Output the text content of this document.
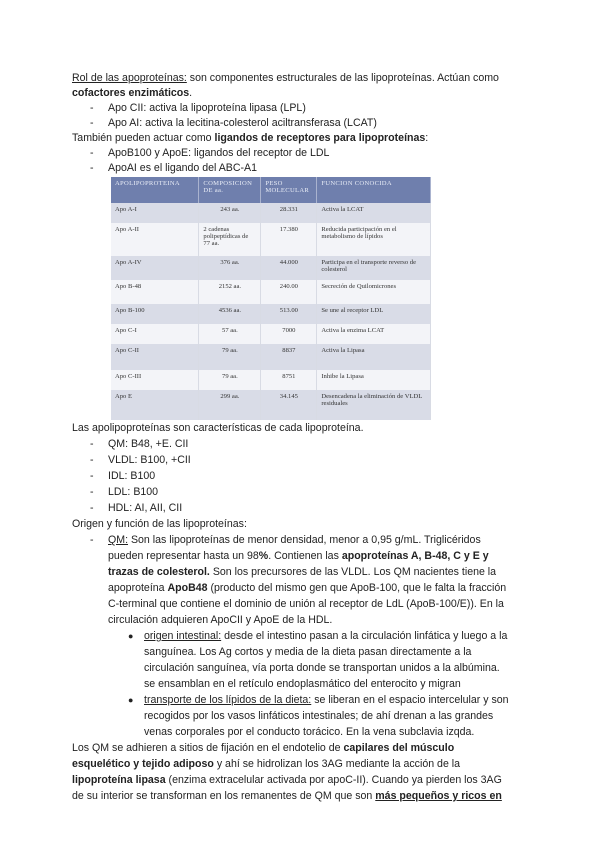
Rol de las apoproteínas: son componentes estructurales de las lipoproteínas. Actúan como
cofactores enzimáticos.
- Apo CII: activa la lipoproteína lipasa (LPL)
- Apo AI: activa la lecitina-colesterol aciltransferasa (LCAT)
También pueden actuar como ligandos de receptores para lipoproteínas:
- ApoB100 y ApoE: ligandos del receptor de LDL
- ApoAI es el ligando del ABC-A1
APOLIPOPROTEINA	COMPOSICION DE aa.	PESO MOLECULAR	FUNCION CONOCIDA
Apo A-I	243 aa.	28.331	Activa la LCAT
Apo A-II	2 cadenas polipeptídicas de 77 aa.	17.380	Reducida participación en el metabolismo de lípidos
Apo A-IV	376 aa.	44.000	Participa en el transporte reverso de colesterol
Apo B-48	2152 aa.	240.00	Secreción de Quilomicrones
Apo B-100	4536 aa.	513.00	Se une al receptor LDL
Apo C-I	57 aa.	7000	Activa la enzima LCAT
Apo C-II	79 aa.	8837	Activa la Lipasa
Apo C-III	79 aa.	8751	Inhibe la Lipasa
Apo E	299 aa.	34.145	Desencadena la eliminación de VLDL residuales
Las apolipoproteínas son características de cada lipoproteína.
- QM: B48, +E. CII
- VLDL: B100, +CII
- IDL: B100
- LDL: B100
- HDL: AI, AII, CII
Origen y función de las lipoproteínas:
- QM: Son las lipoproteínas de menor densidad, menor a 0,95 g/mL. Triglicéridos
pueden representar hasta un 98%. Contienen las apoproteínas A, B-48, C y E y
trazas de colesterol. Son los precursores de las VLDL. Los QM nacientes tiene la
apoproteína ApoB48 (producto del mismo gen que ApoB-100, que le falta la fracción
C-terminal que contiene el dominio de unión al receptor de LdL (ApoB-100/E)). En la
circulación adquieren ApoCII y ApoE de la HDL.
● origen intestinal: desde el intestino pasan a la circulación linfática y luego a la
sanguínea. Los Ag cortos y media de la dieta pasan directamente a la
circulación sanguínea, vía porta donde se transportan unidos a la albúmina.
se ensamblan en el retículo endoplasmático del enterocito y migran
● transporte de los lípidos de la dieta: se liberan en el espacio intercelular y son
recogidos por los vasos linfáticos intestinales; de ahí drenan a las grandes
venas corporales por el conducto torácico. En la vena subclavia izqda.
Los QM se adhieren a sitios de fijación en el endotelio de capilares del músculo
esquelético y tejido adiposo y ahí se hidrolizan los 3AG mediante la acción de la
lipoproteína lipasa (enzima extracelular activada por apoC-II). Cuando ya pierden los 3AG
de su interior se transforman en los remanentes de QM que son más pequeños y ricos en
